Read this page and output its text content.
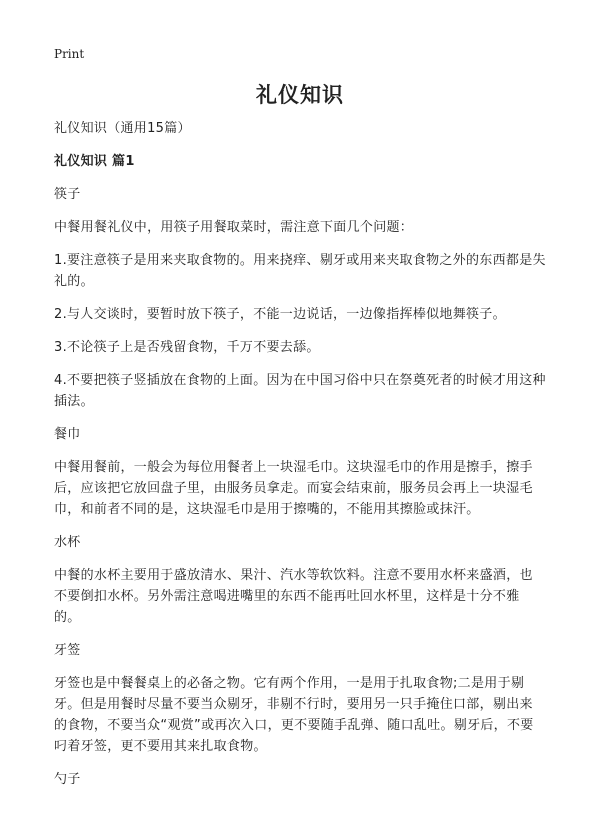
Print
礼仪知识
礼仪知识（通用15篇）
礼仪知识 篇1
筷子
中餐用餐礼仪中，用筷子用餐取菜时，需注意下面几个问题：
1.要注意筷子是用来夹取食物的。用来挠痒、剔牙或用来夹取食物之外的东西都是失礼的。
2.与人交谈时，要暂时放下筷子，不能一边说话，一边像指挥棒似地舞筷子。
3.不论筷子上是否残留食物，千万不要去舔。
4.不要把筷子竖插放在食物的上面。因为在中国习俗中只在祭奠死者的时候才用这种插法。
餐巾
中餐用餐前，一般会为每位用餐者上一块湿毛巾。这块湿毛巾的作用是擦手，擦手后，应该把它放回盘子里，由服务员拿走。而宴会结束前，服务员会再上一块湿毛巾，和前者不同的是，这块湿毛巾是用于擦嘴的，不能用其擦脸或抹汗。
水杯
中餐的水杯主要用于盛放清水、果汁、汽水等软饮料。注意不要用水杯来盛酒，也不要倒扣水杯。另外需注意喝进嘴里的东西不能再吐回水杯里，这样是十分不雅的。
牙签
牙签也是中餐餐桌上的必备之物。它有两个作用，一是用于扎取食物;二是用于剔牙。但是用餐时尽量不要当众剔牙，非剔不行时，要用另一只手掩住口部，剔出来的食物，不要当众“观赏”或再次入口，更不要随手乱弹、随口乱吐。剔牙后，不要叼着牙签，更不要用其来扎取食物。
勺子
